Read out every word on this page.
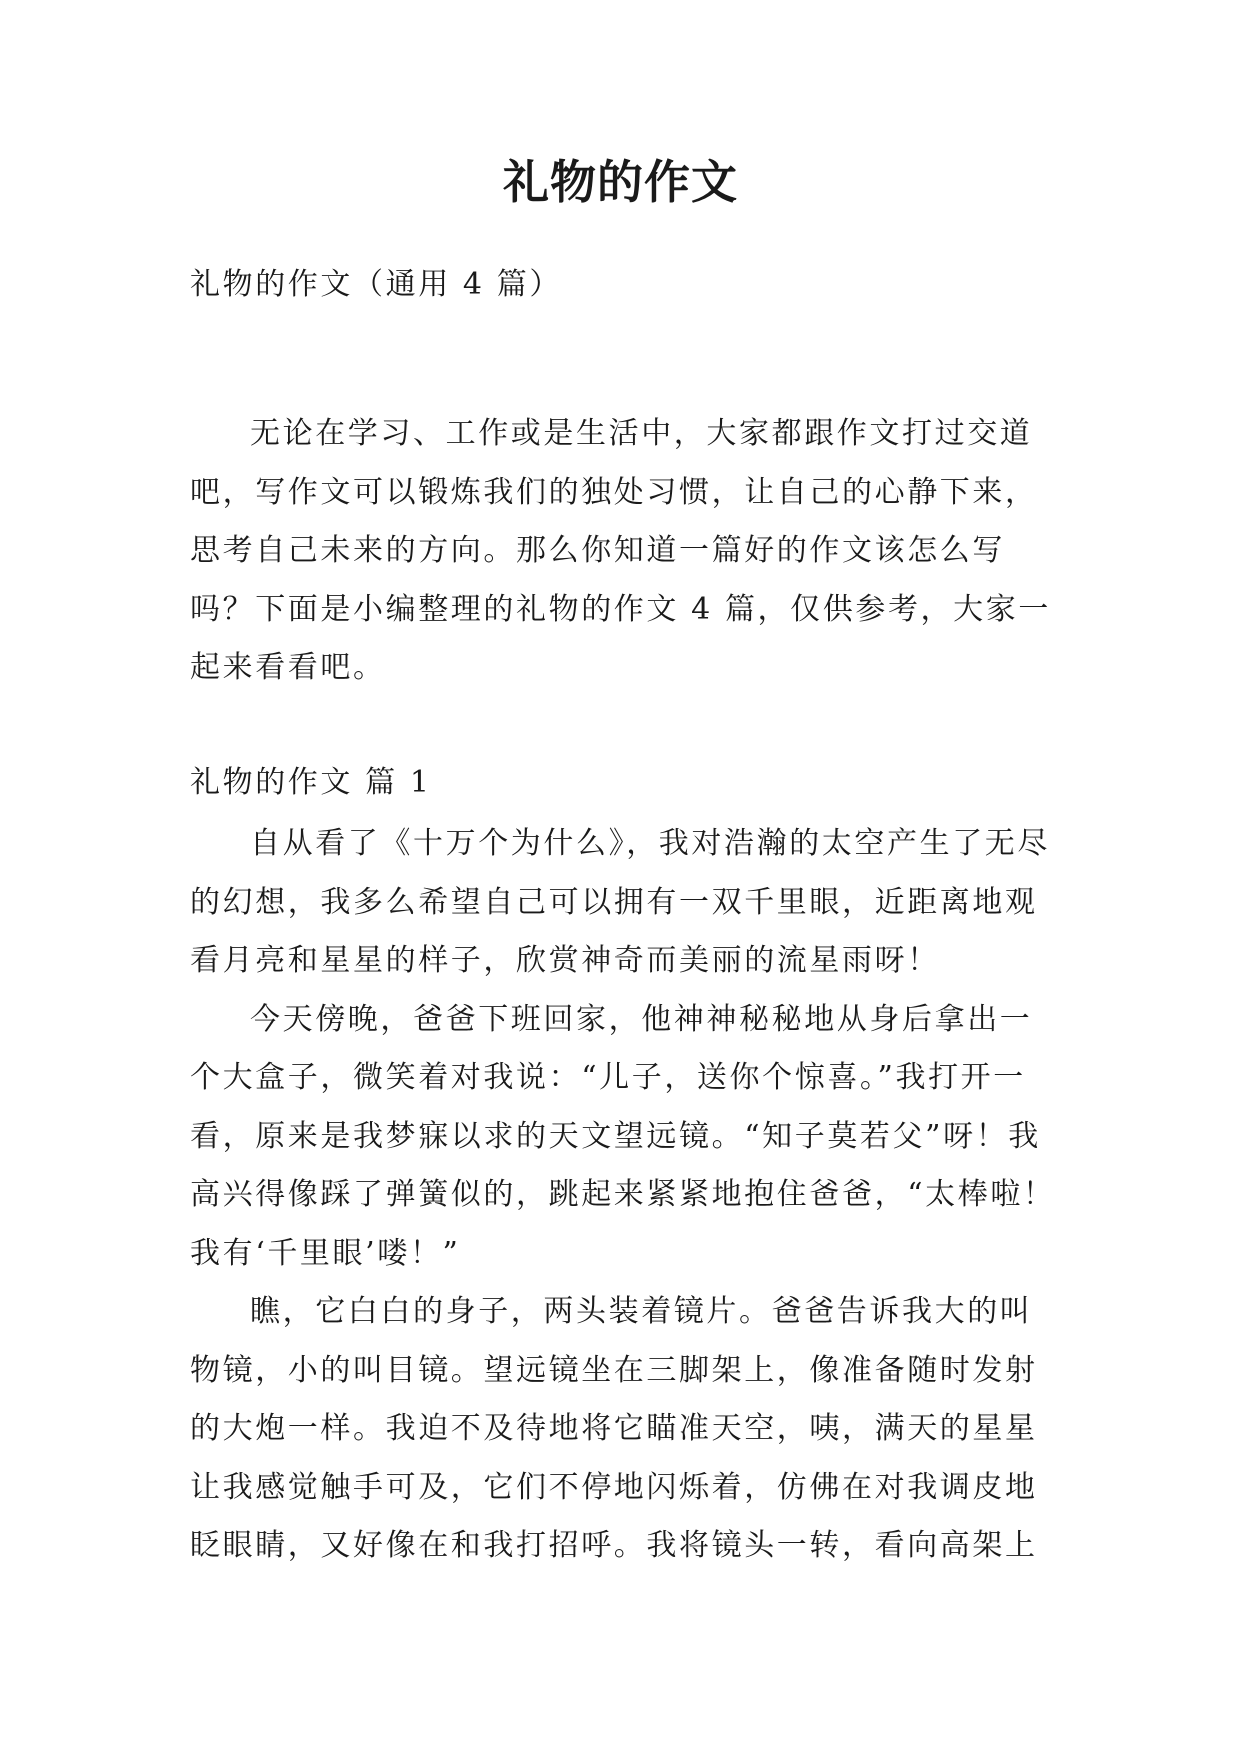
礼物的作文

礼物的作文（通用 4 篇）

无论在学习、工作或是生活中，大家都跟作文打过交道吧，写作文可以锻炼我们的独处习惯，让自己的心静下来，思考自己未来的方向。那么你知道一篇好的作文该怎么写吗？下面是小编整理的礼物的作文 4 篇，仅供参考，大家一起来看看吧。

礼物的作文 篇 1

自从看了《十万个为什么》，我对浩瀚的太空产生了无尽的幻想，我多么希望自己可以拥有一双千里眼，近距离地观看月亮和星星的样子，欣赏神奇而美丽的流星雨呀！

今天傍晚，爸爸下班回家，他神神秘秘地从身后拿出一个大盒子，微笑着对我说：“儿子，送你个惊喜。”我打开一看，原来是我梦寐以求的天文望远镜。“知子莫若父”呀！我高兴得像踩了弹簧似的，跳起来紧紧地抱住爸爸，“太棒啦！我有‘千里眼’喽！”

瞧，它白白的身子，两头装着镜片。爸爸告诉我大的叫物镜，小的叫目镜。望远镜坐在三脚架上，像准备随时发射的大炮一样。我迫不及待地将它瞄准天空，咦，满天的星星让我感觉触手可及，它们不停地闪烁着，仿佛在对我调皮地眨眼睛，又好像在和我打招呼。我将镜头一转，看向高架上
